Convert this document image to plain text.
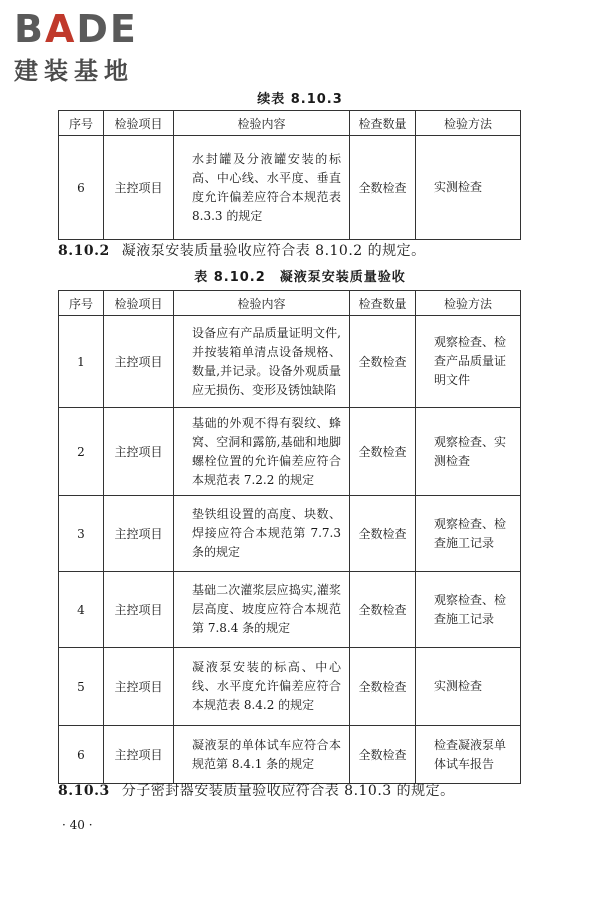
BADE
建装基地
续表 8.10.3
序号	检验项目	检验内容	检查数量	检验方法
6	主控项目	水封罐及分液罐安装的标高、中心线、水平度、垂直度允许偏差应符合本规范表 8.3.3 的规定	全数检查	实测检查
8.10.2 凝液泵安装质量验收应符合表 8.10.2 的规定。
表 8.10.2 凝液泵安装质量验收
序号	检验项目	检验内容	检查数量	检验方法
1	主控项目	设备应有产品质量证明文件,并按装箱单清点设备规格、数量,并记录。设备外观质量应无损伤、变形及锈蚀缺陷	全数检查	观察检查、检查产品质量证明文件
2	主控项目	基础的外观不得有裂纹、蜂窝、空洞和露筋,基础和地脚螺栓位置的允许偏差应符合本规范表 7.2.2 的规定	全数检查	观察检查、实测检查
3	主控项目	垫铁组设置的高度、块数、焊接应符合本规范第 7.7.3 条的规定	全数检查	观察检查、检查施工记录
4	主控项目	基础二次灌浆层应捣实,灌浆层高度、坡度应符合本规范第 7.8.4 条的规定	全数检查	观察检查、检查施工记录
5	主控项目	凝液泵安装的标高、中心线、水平度允许偏差应符合本规范表 8.4.2 的规定	全数检查	实测检查
6	主控项目	凝液泵的单体试车应符合本规范第 8.4.1 条的规定	全数检查	检查凝液泵单体试车报告
8.10.3 分子密封器安装质量验收应符合表 8.10.3 的规定。
· 40 ·
